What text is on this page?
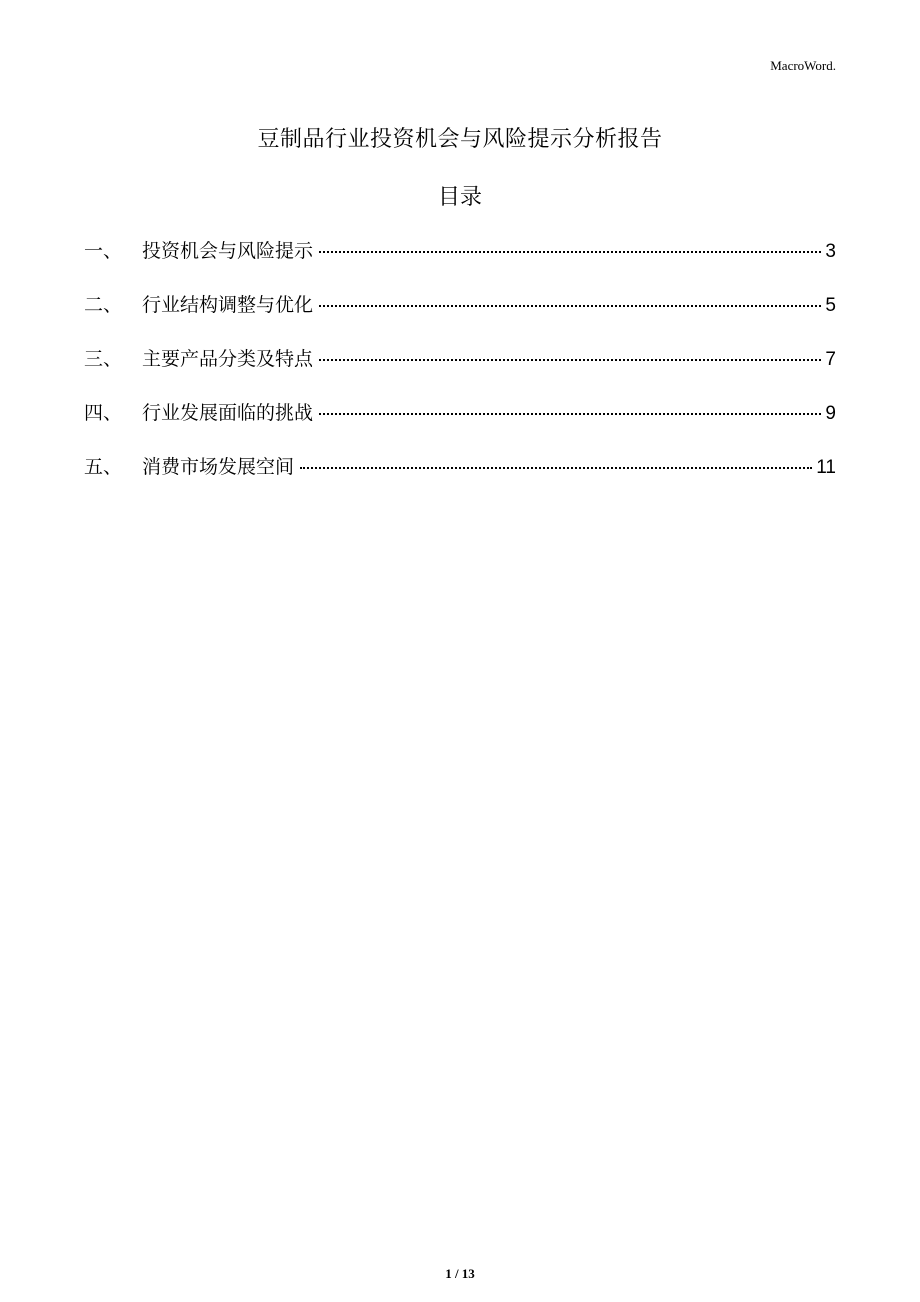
MacroWord.
豆制品行业投资机会与风险提示分析报告
目录
一、	投资机会与风险提示	3
二、	行业结构调整与优化	5
三、	主要产品分类及特点	7
四、	行业发展面临的挑战	9
五、	消费市场发展空间	11
1 / 13
